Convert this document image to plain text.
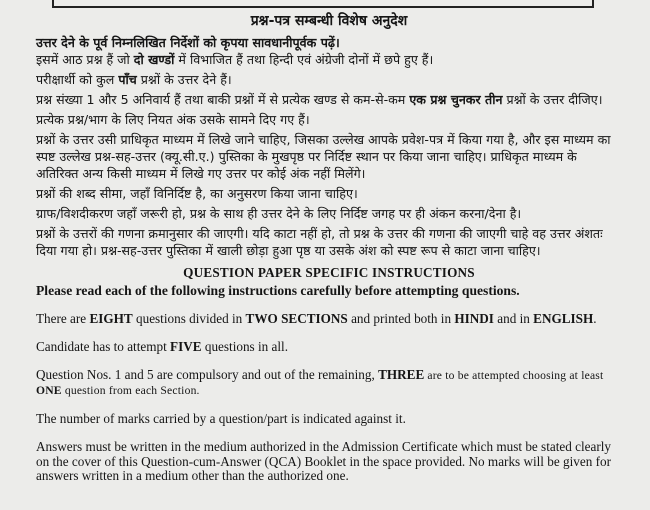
प्रश्न-पत्र सम्बन्धी विशेष अनुदेश

उत्तर देने के पूर्व निम्नलिखित निर्देशों को कृपया सावधानीपूर्वक पढ़ें।

इसमें आठ प्रश्न हैं जो दो खण्डों में विभाजित हैं तथा हिन्दी एवं अंग्रेजी दोनों में छपे हुए हैं।

परीक्षार्थी को कुल पाँच प्रश्नों के उत्तर देने हैं।

प्रश्न संख्या 1 और 5 अनिवार्य हैं तथा बाकी प्रश्नों में से प्रत्येक खण्ड से कम-से-कम एक प्रश्न चुनकर तीन प्रश्नों के उत्तर दीजिए।

प्रत्येक प्रश्न/भाग के लिए नियत अंक उसके सामने दिए गए हैं।

प्रश्नों के उत्तर उसी प्राधिकृत माध्यम में लिखे जाने चाहिए, जिसका उल्लेख आपके प्रवेश-पत्र में किया गया है, और इस माध्यम का स्पष्ट उल्लेख प्रश्न-सह-उत्तर (क्यू.सी.ए.) पुस्तिका के मुखपृष्ठ पर निर्दिष्ट स्थान पर किया जाना चाहिए। प्राधिकृत माध्यम के अतिरिक्त अन्य किसी माध्यम में लिखे गए उत्तर पर कोई अंक नहीं मिलेंगे।

प्रश्नों की शब्द सीमा, जहाँ विनिर्दिष्ट है, का अनुसरण किया जाना चाहिए।

ग्राफ/विशदीकरण जहाँ जरूरी हो, प्रश्न के साथ ही उत्तर देने के लिए निर्दिष्ट जगह पर ही अंकन करना/देना है।

प्रश्नों के उत्तरों की गणना क्रमानुसार की जाएगी। यदि काटा नहीं हो, तो प्रश्न के उत्तर की गणना की जाएगी चाहे वह उत्तर अंशतः दिया गया हो। प्रश्न-सह-उत्तर पुस्तिका में खाली छोड़ा हुआ पृष्ठ या उसके अंश को स्पष्ट रूप से काटा जाना चाहिए।

QUESTION PAPER SPECIFIC INSTRUCTIONS

Please read each of the following instructions carefully before attempting questions.

There are EIGHT questions divided in TWO SECTIONS and printed both in HINDI and in ENGLISH.

Candidate has to attempt FIVE questions in all.

Question Nos. 1 and 5 are compulsory and out of the remaining, THREE are to be attempted choosing at least ONE question from each Section.

The number of marks carried by a question/part is indicated against it.

Answers must be written in the medium authorized in the Admission Certificate which must be stated clearly on the cover of this Question-cum-Answer (QCA) Booklet in the space provided. No marks will be given for answers written in a medium other than the authorized one.
